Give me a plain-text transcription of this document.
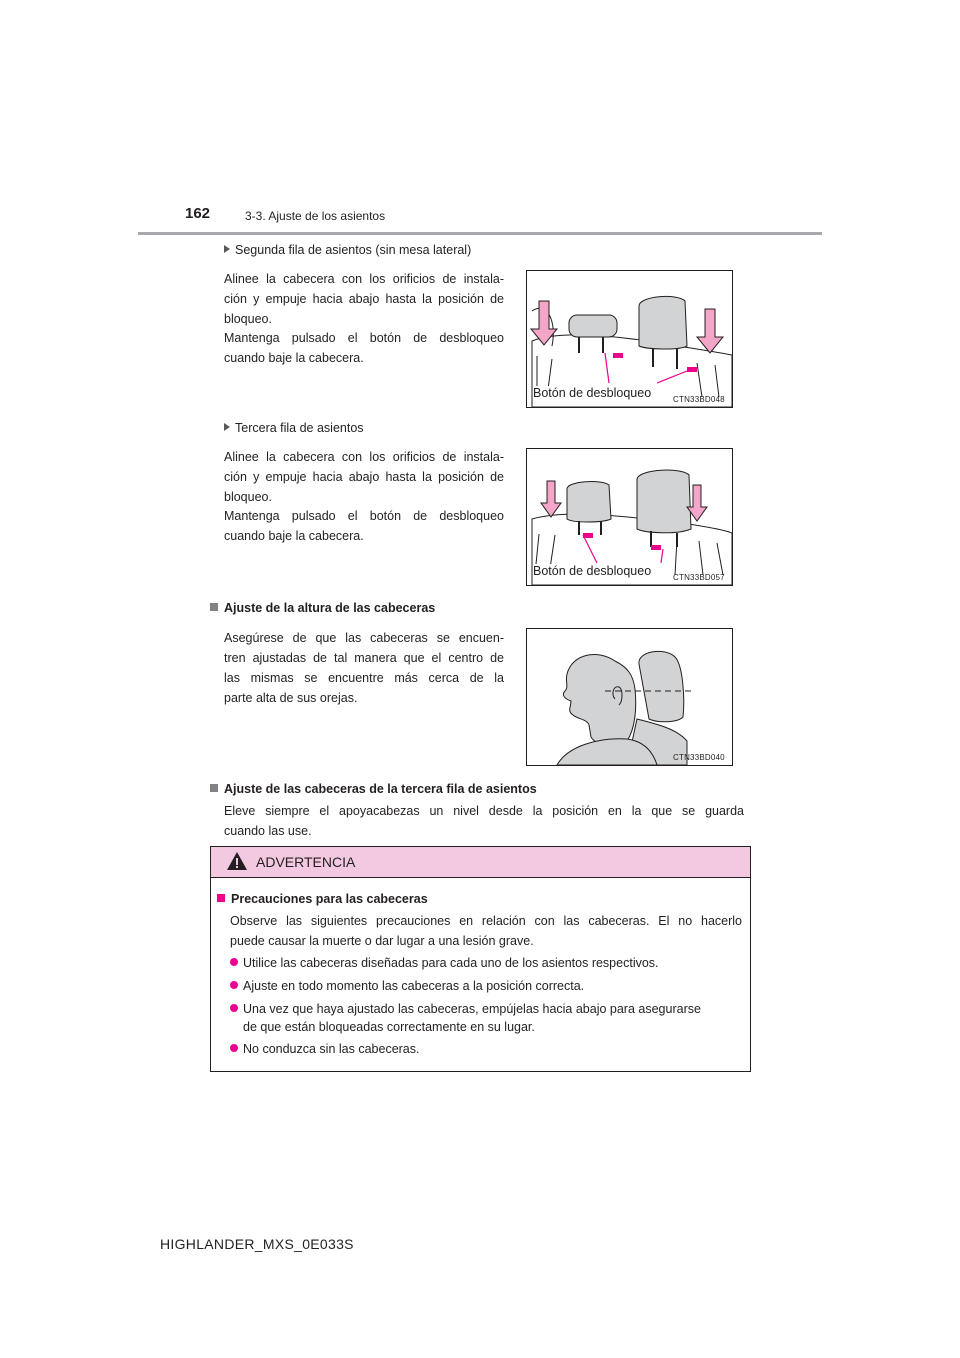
162	3-3. Ajuste de los asientos
Segunda fila de asientos (sin mesa lateral)
Alinee la cabecera con los orificios de instala-
ción y empuje hacia abajo hasta la posición de
bloqueo.
Mantenga pulsado el botón de desbloqueo
cuando baje la cabecera.
Botón de desbloqueo	CTN33BD048
Tercera fila de asientos
Alinee la cabecera con los orificios de instala-
ción y empuje hacia abajo hasta la posición de
bloqueo.
Mantenga pulsado el botón de desbloqueo
cuando baje la cabecera.
Botón de desbloqueo	CTN33BD057
Ajuste de la altura de las cabeceras
Asegúrese de que las cabeceras se encuen-
tren ajustadas de tal manera que el centro de
las mismas se encuentre más cerca de la
parte alta de sus orejas.
CTN33BD040
Ajuste de las cabeceras de la tercera fila de asientos
Eleve siempre el apoyacabezas un nivel desde la posición en la que se guarda
cuando las use.
ADVERTENCIA
Precauciones para las cabeceras
Observe las siguientes precauciones en relación con las cabeceras. El no hacerlo
puede causar la muerte o dar lugar a una lesión grave.
Utilice las cabeceras diseñadas para cada uno de los asientos respectivos.
Ajuste en todo momento las cabeceras a la posición correcta.
Una vez que haya ajustado las cabeceras, empújelas hacia abajo para asegurarse
de que están bloqueadas correctamente en su lugar.
No conduzca sin las cabeceras.
HIGHLANDER_MXS_0E033S
